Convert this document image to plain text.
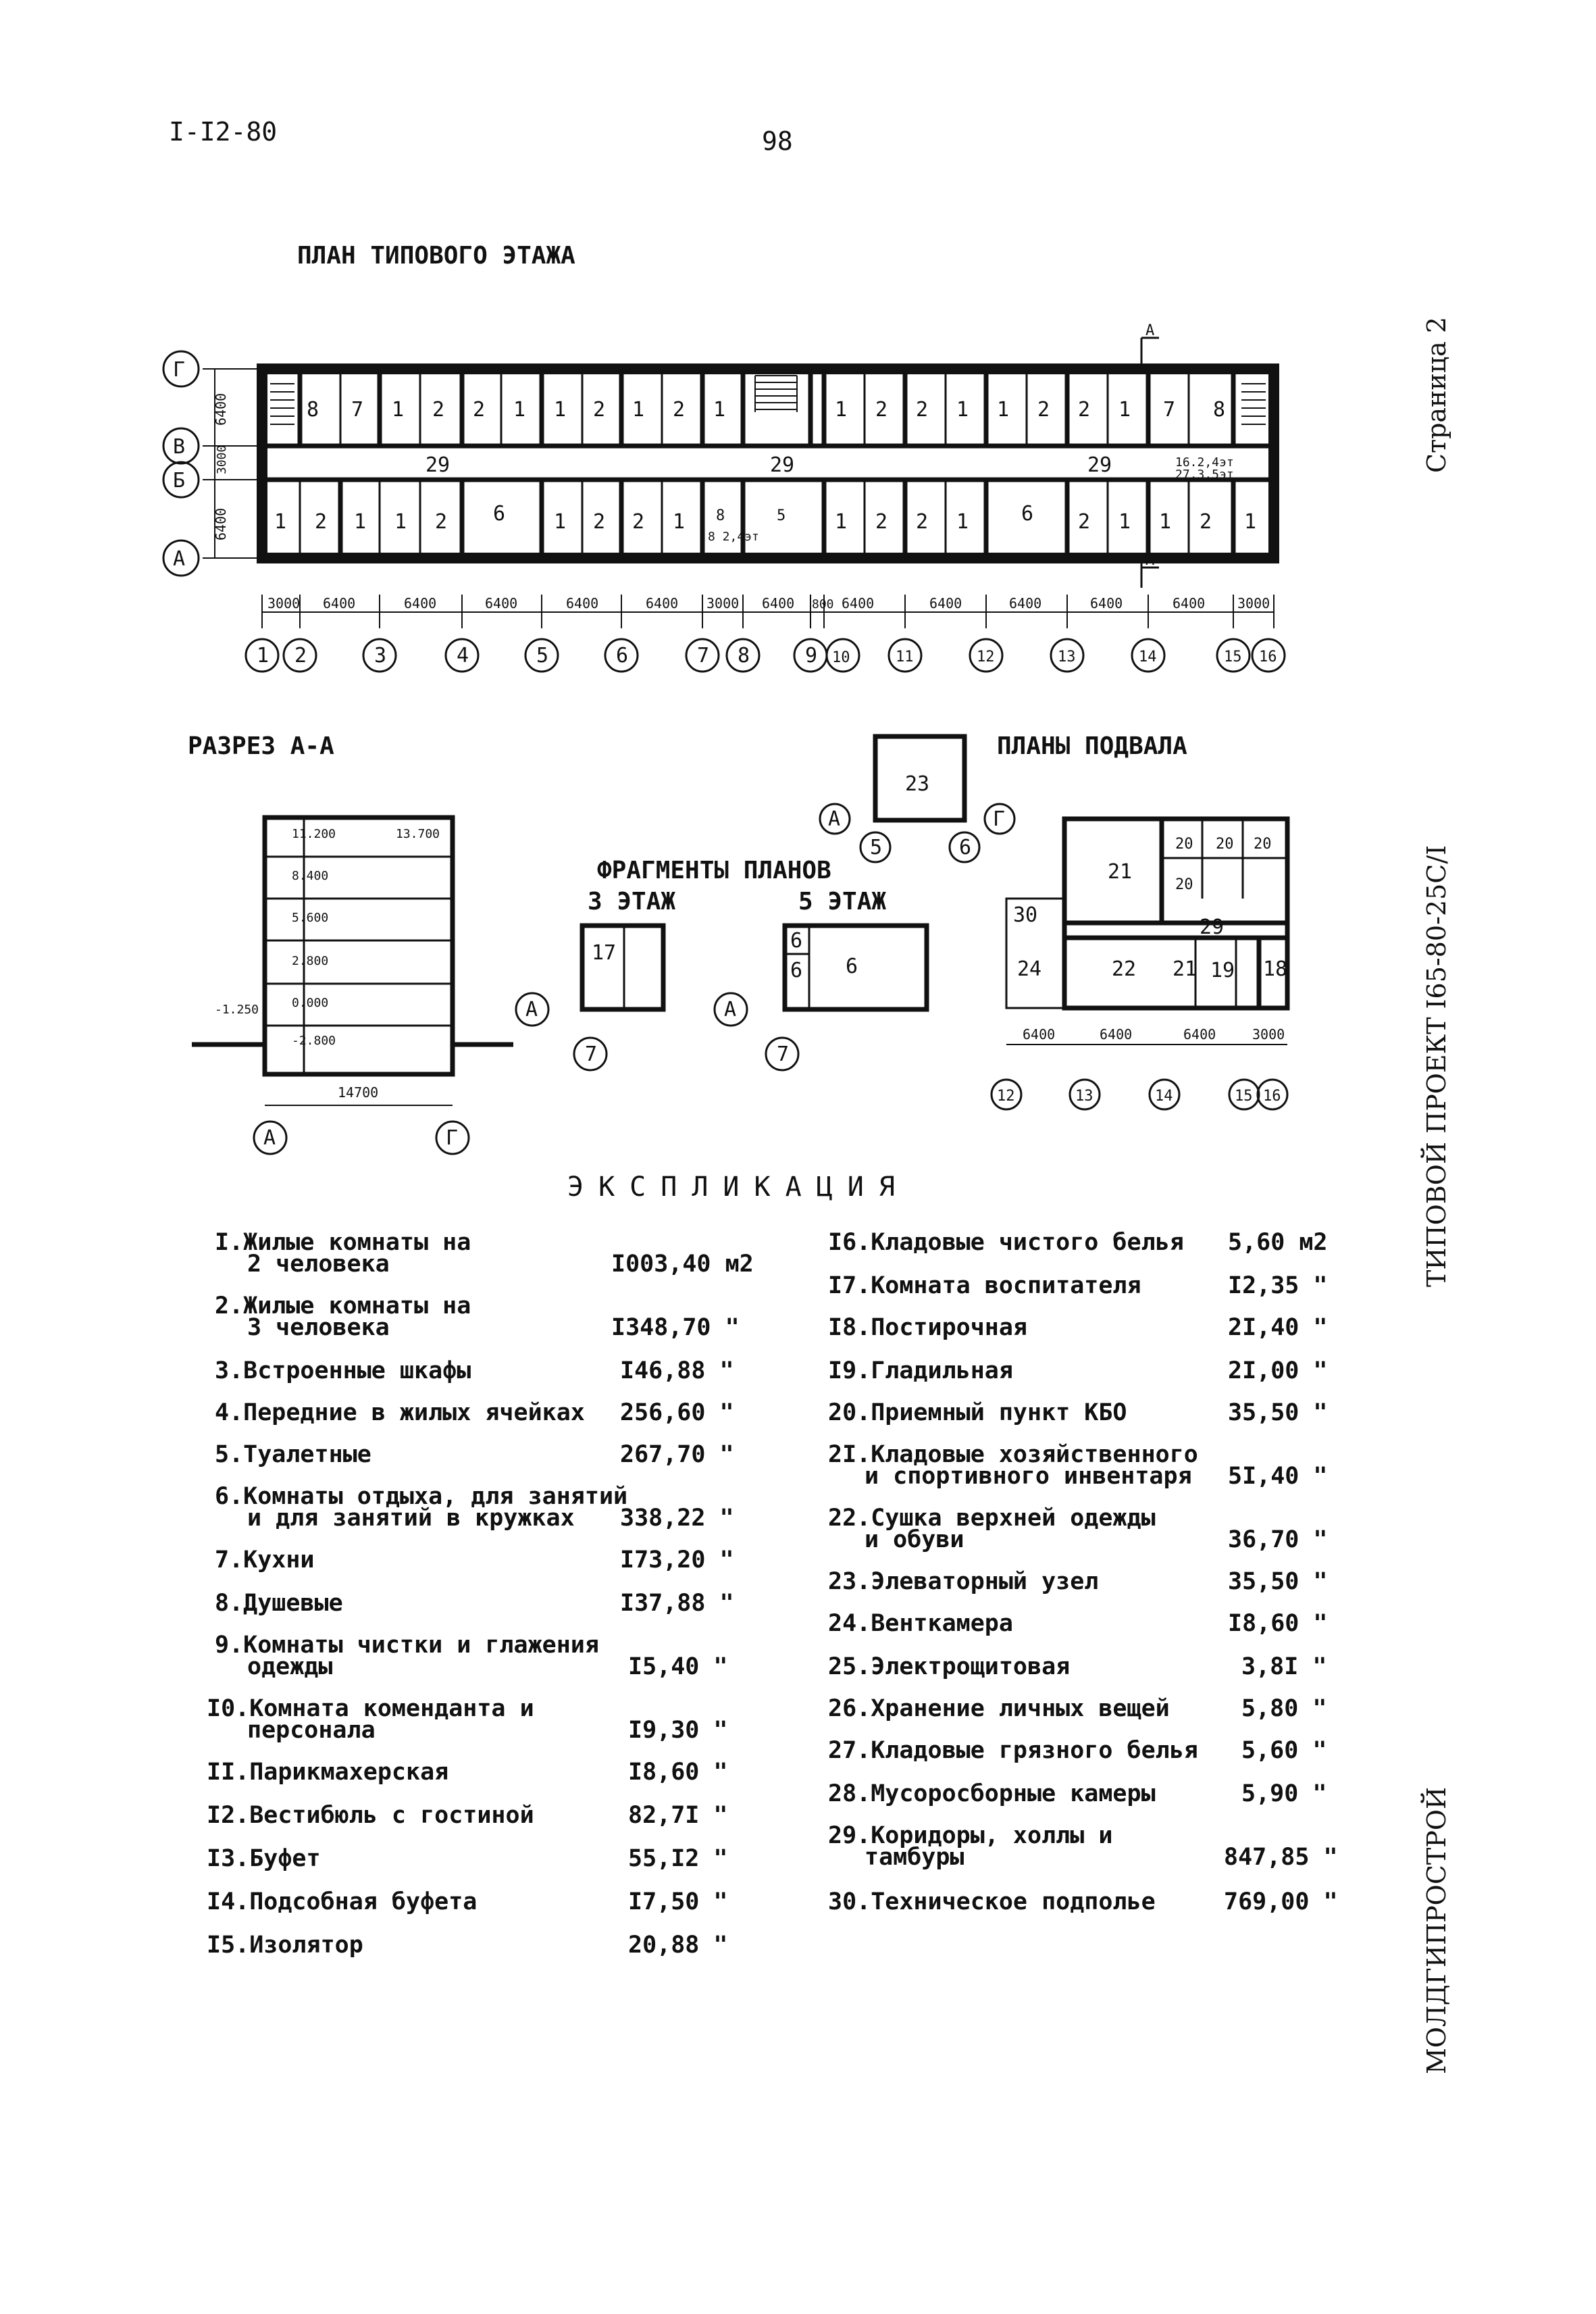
I-I2-80	98
Страница 2
ТИПОВОЙ ПРОЕКТ I65-80-25С/I
МОЛДГИПРОСТРОЙ
ПЛАН ТИПОВОГО ЭТАЖА
8 7 1 2 2 1 1 2 1 2 1	1 2 2 1 1 2 2 1 7 8
1 2 1 1 2 6 1 2 2 1 8	5 1 2 2 1	6 2 1 1 2 1
29	29	29	16.2,4эт
27,3,5эт
8 2,4эт
А
А
Г
В
Б
А
6400
3000
6400
3000 6400	6400	6400	6400	6400 3000 6400 800 6400	6400	6400	6400	6400 3000
1 2	3	4	5	6	7 8	9 10	11	12	13	14	15 16
РАЗРЕЗ А-А
11.200
8.400
5.600
2.800
0.000
-2.800
13.700
-1.250
14700
А	Г
ФРАГМЕНТЫ ПЛАНОВ
3 ЭТАЖ	5 ЭТАЖ
17
А
7
6
6 6
А
7
ПЛАНЫ ПОДВАЛА
23
А
5	6
21
20 20 20
20
29
30
24	22 21 19 18
Г
6400	6400	6400	3000
12	13	14	15 16
ЭКСПЛИКАЦИЯ
I.Жилые комнаты на
2 человека	I003,40 м2
2.Жилые комнаты на
3 человека	I348,70 "
3.Встроенные шкафы	I46,88 "
4.Передние в жилых ячейках 256,60 "
5.Туалетные	267,70 "
6.Комнаты отдыха, для занятий
и для занятий в кружках 338,22 "
7.Кухни	I73,20 "
8.Душевые	I37,88 "
9.Комнаты чистки и глажения
одежды	I5,40 "
I0.Комната коменданта и
персонала	I9,30 "
II.Парикмахерская	I8,60 "
I2.Вестибюль с гостиной	82,7I "
I3.Буфет	55,I2 "
I4.Подсобная буфета	I7,50 "
I5.Изолятор	20,88 "
I6.Кладовые чистого белья 5,60 м2
I7.Комната воспитателя	I2,35 "
I8.Постирочная	2I,40 "
I9.Гладильная	2I,00 "
20.Приемный пункт КБО	35,50 "
2I.Кладовые хозяйственного
и спортивного инвентаря 5I,40 "
22.Сушка верхней одежды
и обуви	36,70 "
23.Элеваторный узел	35,50 "
24.Венткамера	I8,60 "
25.Электрощитовая	3,8I "
26.Хранение личных вещей	5,80 "
27.Кладовые грязного белья 5,60 "
28.Мусоросборные камеры	5,90 "
29.Коридоры, холлы и
тамбуры	847,85 "
30.Техническое подполье	769,00 "
